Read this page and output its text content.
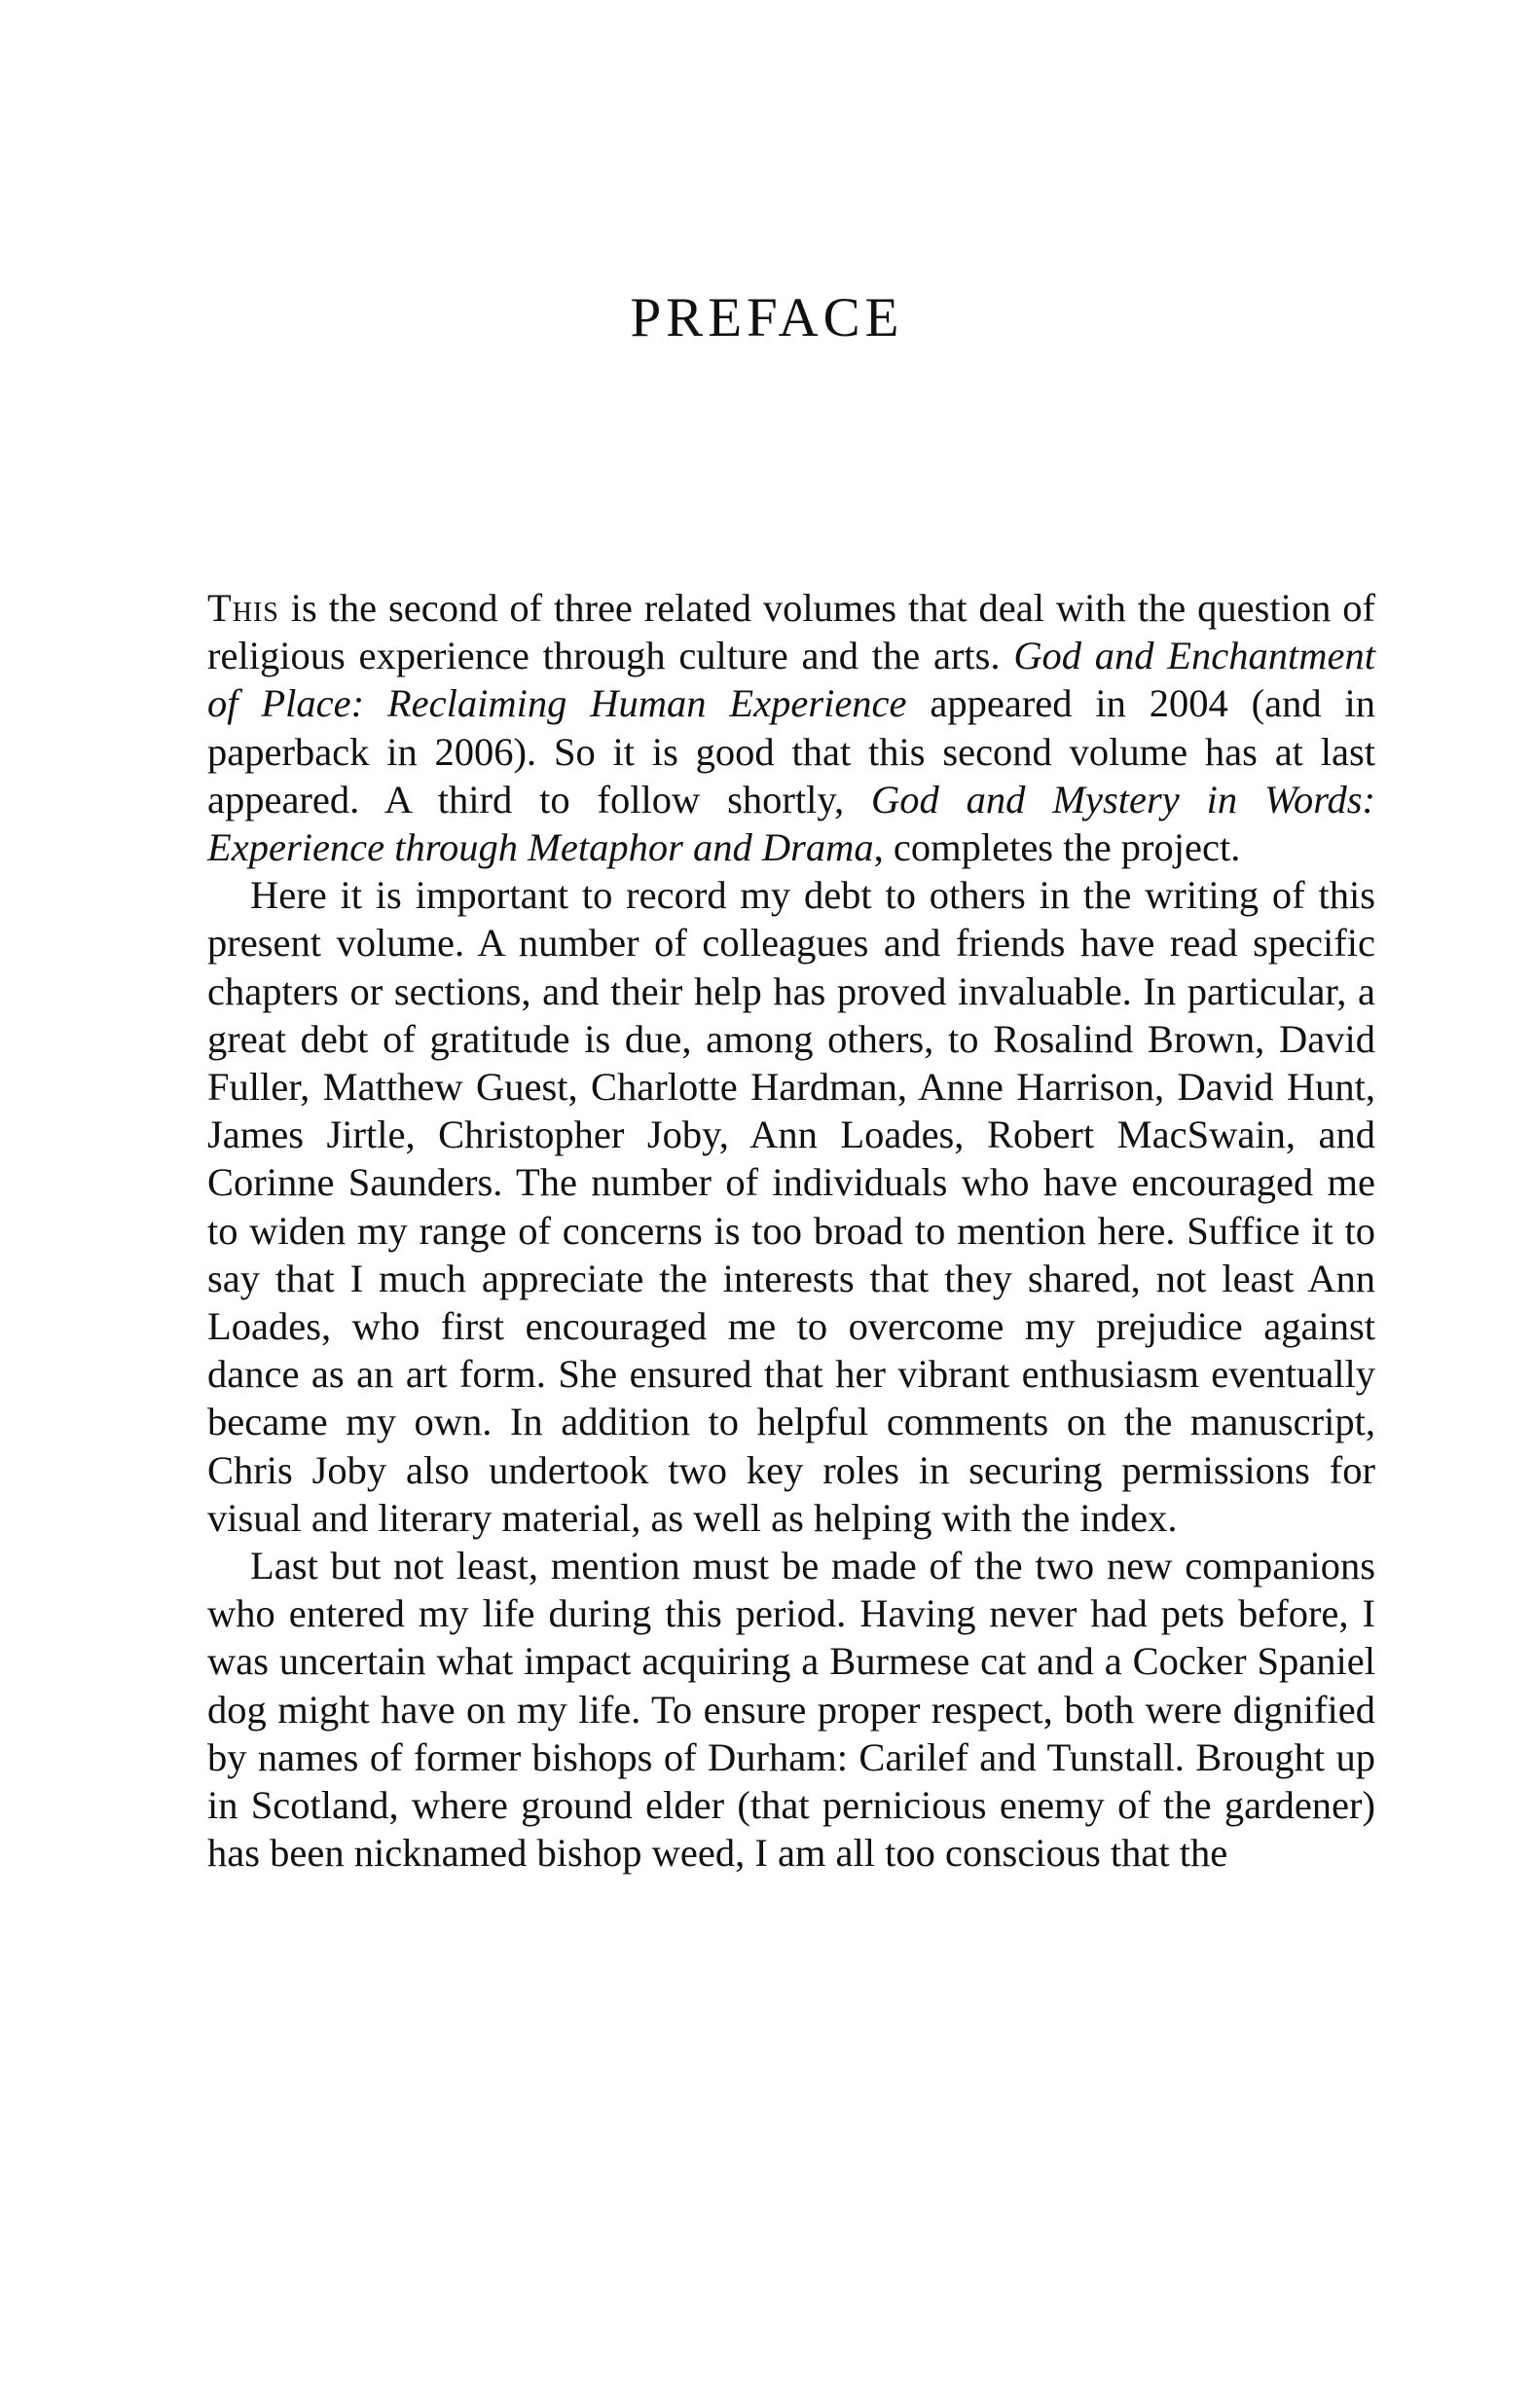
PREFACE

This is the second of three related volumes that deal with the question of religious experience through culture and the arts. God and Enchantment of Place: Reclaiming Human Experience appeared in 2004 (and in paperback in 2006). So it is good that this second volume has at last appeared. A third to follow shortly, God and Mystery in Words: Experience through Metaphor and Drama, completes the project.

Here it is important to record my debt to others in the writing of this present volume. A number of colleagues and friends have read specific chapters or sections, and their help has proved invaluable. In particular, a great debt of gratitude is due, among others, to Rosalind Brown, David Fuller, Matthew Guest, Charlotte Hardman, Anne Harrison, David Hunt, James Jirtle, Christopher Joby, Ann Loades, Robert MacSwain, and Corinne Saunders. The number of individuals who have encouraged me to widen my range of concerns is too broad to mention here. Suffice it to say that I much appreciate the interests that they shared, not least Ann Loades, who first encouraged me to overcome my prejudice against dance as an art form. She ensured that her vibrant enthusiasm eventually became my own. In addition to helpful comments on the manuscript, Chris Joby also undertook two key roles in securing permissions for visual and literary material, as well as helping with the index.

Last but not least, mention must be made of the two new companions who entered my life during this period. Having never had pets before, I was uncertain what impact acquiring a Burmese cat and a Cocker Spaniel dog might have on my life. To ensure proper respect, both were dignified by names of former bishops of Durham: Carilef and Tunstall. Brought up in Scotland, where ground elder (that pernicious enemy of the gardener) has been nicknamed bishop weed, I am all too conscious that the
